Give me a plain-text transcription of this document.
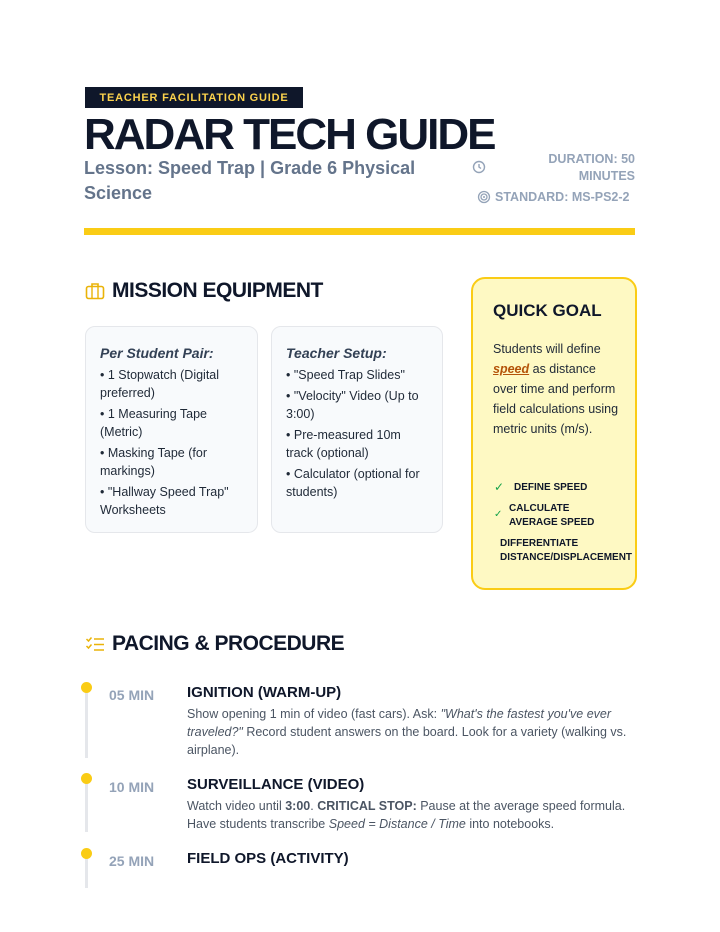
TEACHER FACILITATION GUIDE
RADAR TECH GUIDE
Lesson: Speed Trap | Grade 6 Physical Science
DURATION: 50
MINUTES
STANDARD: MS-PS2-2
MISSION EQUIPMENT
Per Student Pair:
• 1 Stopwatch (Digital preferred)
• 1 Measuring Tape (Metric)
• Masking Tape (for markings)
• "Hallway Speed Trap" Worksheets
Teacher Setup:
• "Speed Trap Slides"
• "Velocity" Video (Up to 3:00)
• Pre-measured 10m track (optional)
• Calculator (optional for students)
QUICK GOAL
Students will define speed as distance over time and perform field calculations using metric units (m/s).
✓ DEFINE SPEED
✓
CALCULATE
AVERAGE SPEED
DIFFERENTIATE
DISTANCE/DISPLACEMENT
PACING & PROCEDURE
05 MIN IGNITION (WARM-UP)
Show opening 1 min of video (fast cars). Ask: "What's the fastest you've ever traveled?" Record student answers on the board. Look for a variety (walking vs. airplane).
10 MIN SURVEILLANCE (VIDEO)
Watch video until 3:00. CRITICAL STOP: Pause at the average speed formula. Have students transcribe Speed = Distance / Time into notebooks.
25 MIN FIELD OPS (ACTIVITY)
